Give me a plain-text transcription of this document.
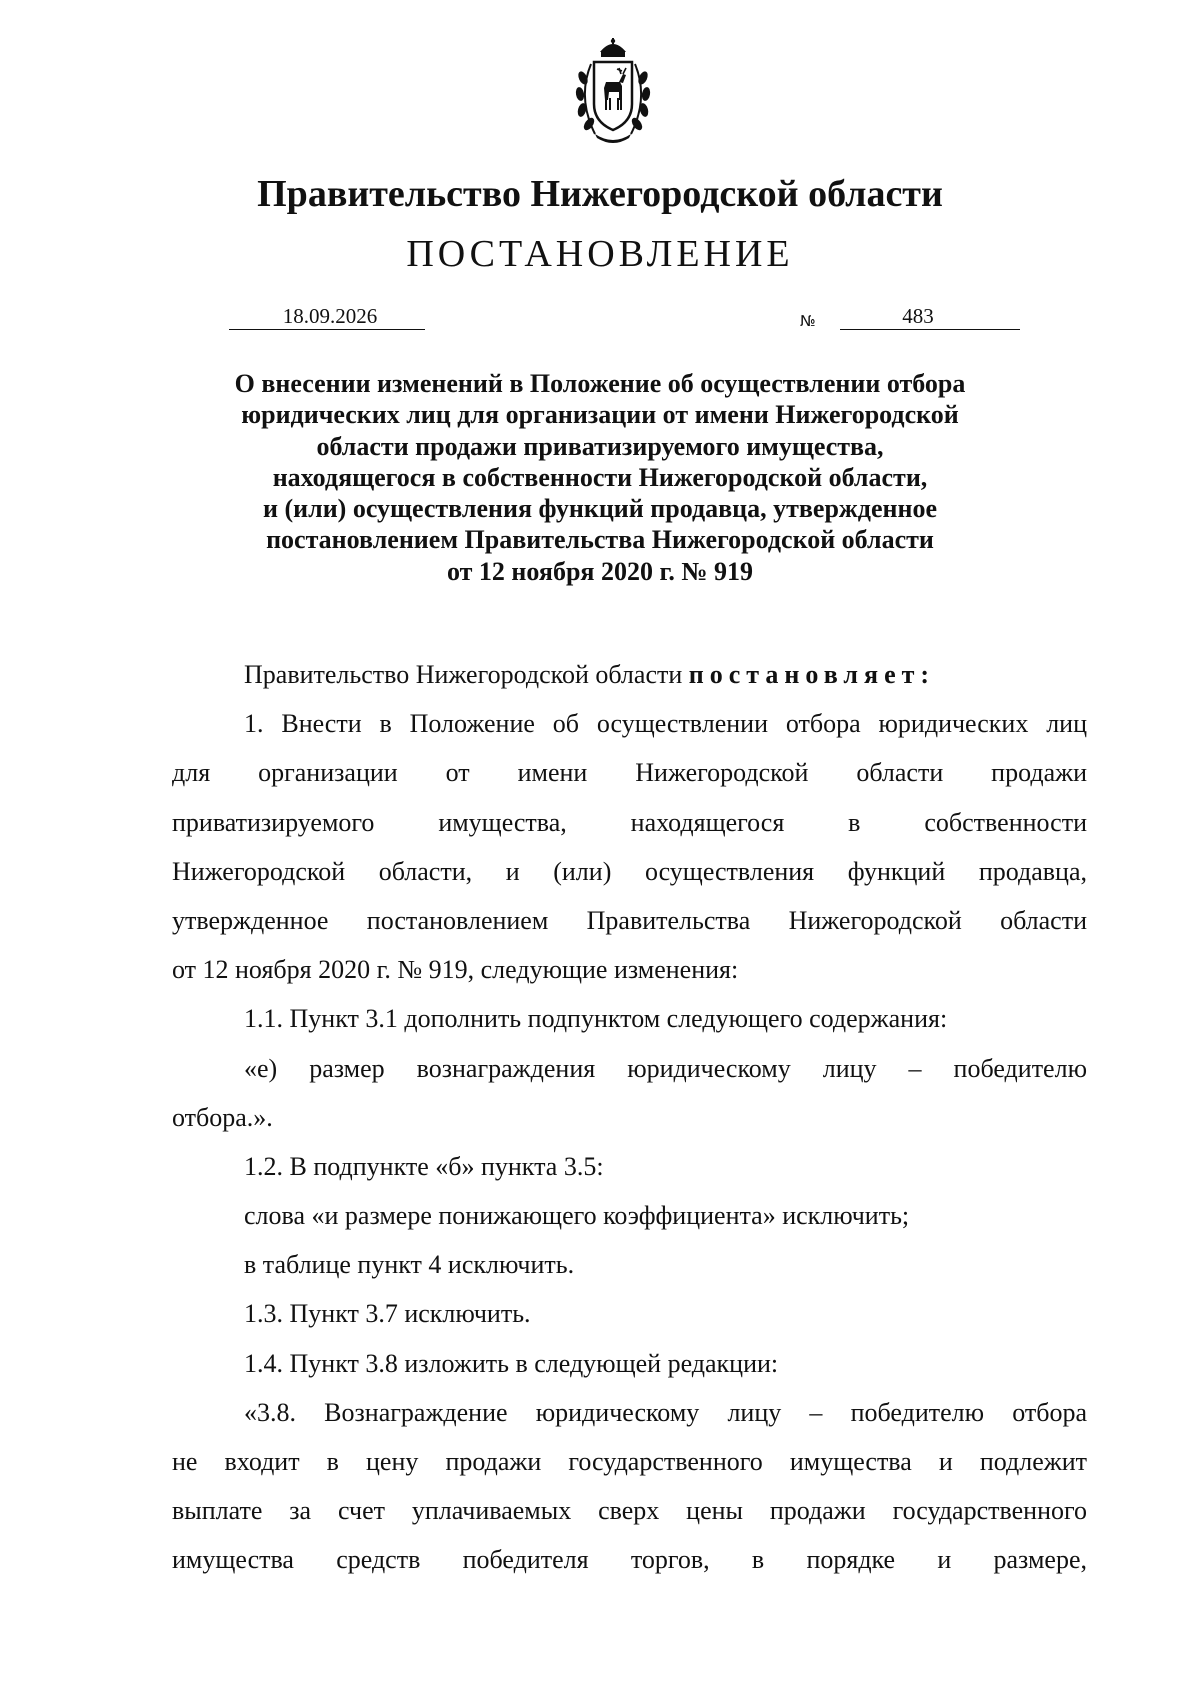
Правительство Нижегородской области
ПОСТАНОВЛЕНИЕ
18.09.2026	№	483
О внесении изменений в Положение об осуществлении отбора
юридических лиц для организации от имени Нижегородской
области продажи приватизируемого имущества,
находящегося в собственности Нижегородской области,
и (или) осуществления функций продавца, утвержденное
постановлением Правительства Нижегородской области
от 12 ноября 2020 г. № 919
Правительство Нижегородской области постановляет:
1. Внести в Положение об осуществлении отбора юридических лиц
для организации от имени Нижегородской области продажи
приватизируемого имущества, находящегося в собственности
Нижегородской области, и (или) осуществления функций продавца,
утвержденное постановлением Правительства Нижегородской области
от 12 ноября 2020 г. № 919, следующие изменения:
1.1. Пункт 3.1 дополнить подпунктом следующего содержания:
«е) размер вознаграждения юридическому лицу – победителю
отбора.».
1.2. В подпункте «б» пункта 3.5:
слова «и размере понижающего коэффициента» исключить;
в таблице пункт 4 исключить.
1.3. Пункт 3.7 исключить.
1.4. Пункт 3.8 изложить в следующей редакции:
«3.8. Вознаграждение юридическому лицу – победителю отбора
не входит в цену продажи государственного имущества и подлежит
выплате за счет уплачиваемых сверх цены продажи государственного
имущества средств победителя торгов, в порядке и размере,
